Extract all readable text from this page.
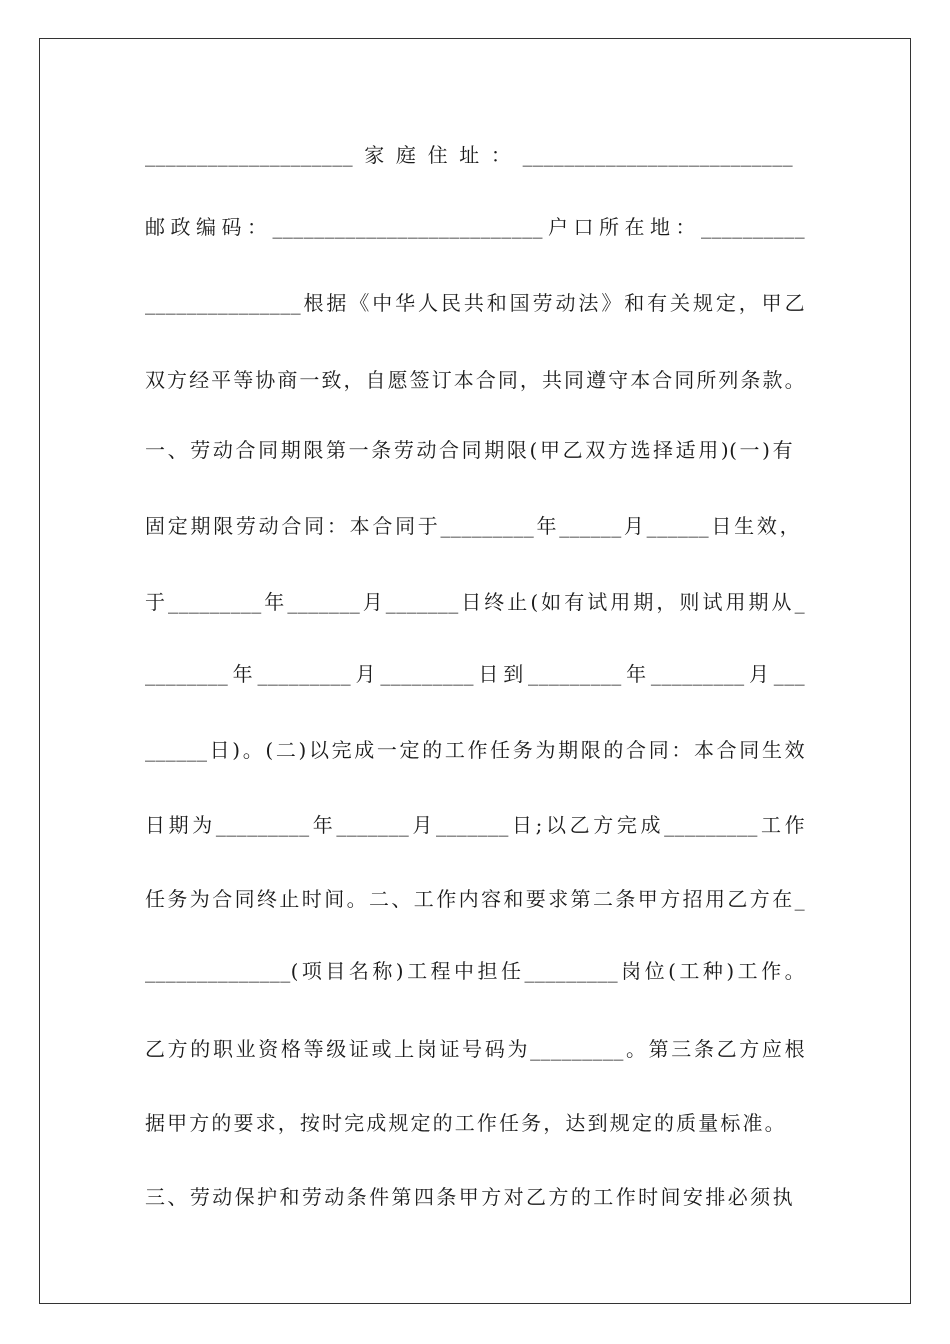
____________________家庭住址：__________________________
邮政编码：__________________________户口所在地：__________
_______________根据《中华人民共和国劳动法》和有关规定，甲乙
双方经平等协商一致，自愿签订本合同，共同遵守本合同所列条款。
一、劳动合同期限第一条劳动合同期限(甲乙双方选择适用)(一)有
固定期限劳动合同：本合同于_________年______月______日生效，
于_________年_______月_______日终止(如有试用期，则试用期从_
________年_________月_________日到_________年_________月___
______日)。(二)以完成一定的工作任务为期限的合同：本合同生效
日期为_________年_______月_______日;以乙方完成_________工作
任务为合同终止时间。二、工作内容和要求第二条甲方招用乙方在_
______________(项目名称)工程中担任_________岗位(工种)工作。
乙方的职业资格等级证或上岗证号码为_________。第三条乙方应根
据甲方的要求，按时完成规定的工作任务，达到规定的质量标准。
三、劳动保护和劳动条件第四条甲方对乙方的工作时间安排必须执
